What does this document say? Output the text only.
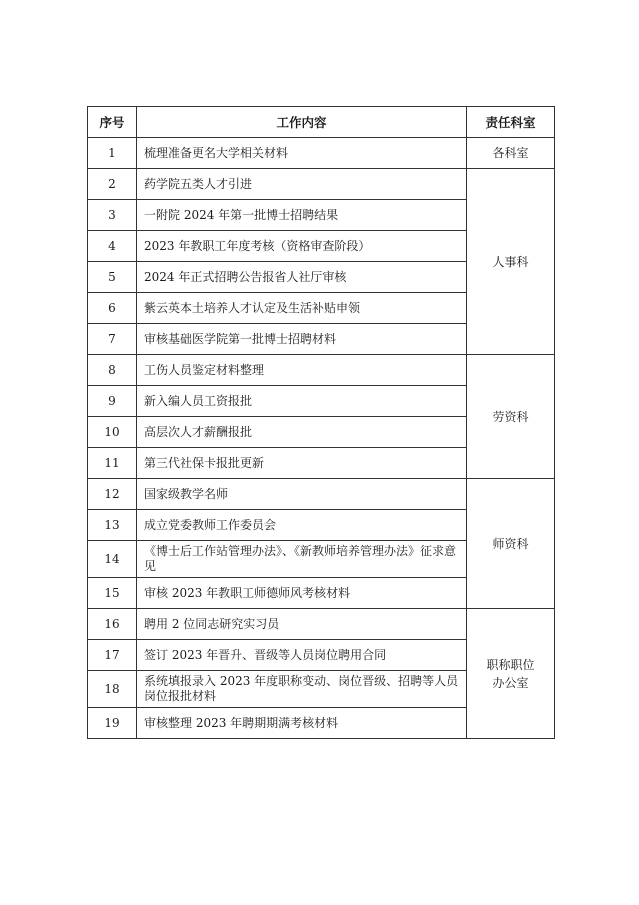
序号	工作内容	责任科室
1	梳理准备更名大学相关材料	各科室
2	药学院五类人才引进	人事科
3	一附院 2024 年第一批博士招聘结果	
4	2023 年教职工年度考核（资格审查阶段）	
5	2024 年正式招聘公告报省人社厅审核	
6	紫云英本土培养人才认定及生活补贴申领	
7	审核基础医学院第一批博士招聘材料	
8	工伤人员鉴定材料整理	劳资科
9	新入编人员工资报批	
10	高层次人才薪酬报批	
11	第三代社保卡报批更新	
12	国家级教学名师	师资科
13	成立党委教师工作委员会	
14	《博士后工作站管理办法》、《新教师培养管理办法》征求意见	
15	审核 2023 年教职工师德师风考核材料	
16	聘用 2 位同志研究实习员	职称职位办公室

17	签订 2023 年晋升、晋级等人员岗位聘用合同	
18	系统填报录入 2023 年度职称变动、岗位晋级、招聘等人员岗位报批材料	
19	审核整理 2023 年聘期期满考核材料	
